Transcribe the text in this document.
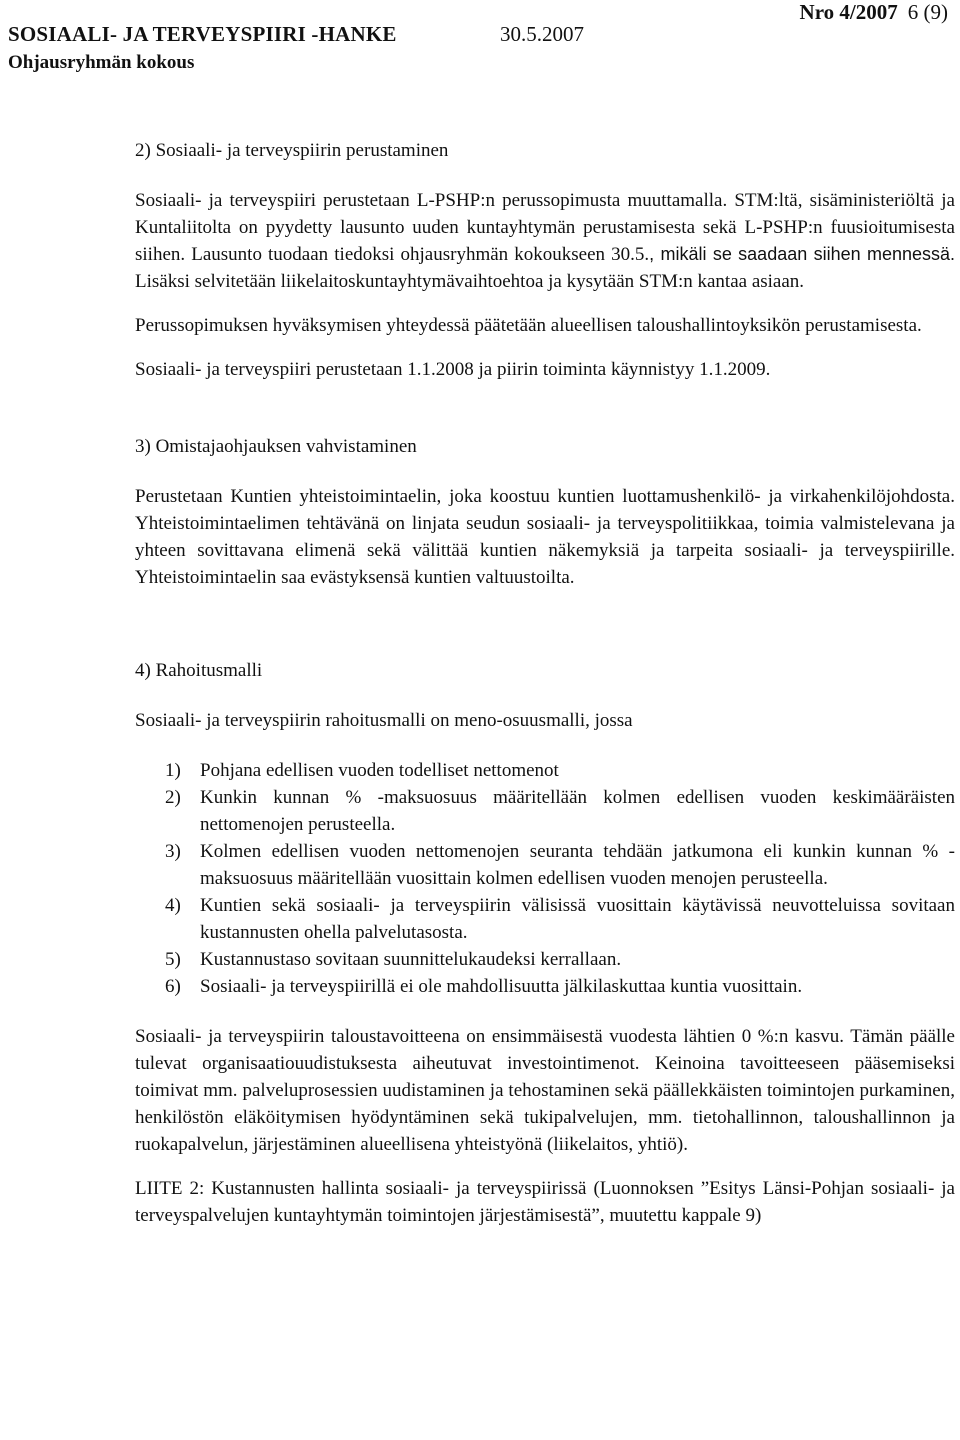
SOSIAALI- JA TERVEYSPIIRI -HANKE	30.5.2007
Nro 4/2007 6 (9)
Ohjausryhmän kokous

2) Sosiaali- ja terveyspiirin perustaminen

Sosiaali- ja terveyspiiri perustetaan L-PSHP:n perussopimusta muuttamalla. STM:ltä, sisäministeriöltä ja Kuntaliitolta on pyydetty lausunto uuden kuntayhtymän perustamisesta sekä L-PSHP:n fuusioitumisesta siihen. Lausunto tuodaan tiedoksi ohjausryhmän kokoukseen 30.5., mikäli se saadaan siihen mennessä. Lisäksi selvitetään liikelaitoskuntayhtymävaihtoehtoa ja kysytään STM:n kantaa asiaan.

Perussopimuksen hyväksymisen yhteydessä päätetään alueellisen taloushallintoyksikön perustamisesta.

Sosiaali- ja terveyspiiri perustetaan 1.1.2008 ja piirin toiminta käynnistyy 1.1.2009.

3) Omistajaohjauksen vahvistaminen

Perustetaan Kuntien yhteistoimintaelin, joka koostuu kuntien luottamushenkilö- ja virkahenkilöjohdosta. Yhteistoimintaelimen tehtävänä on linjata seudun sosiaali- ja terveyspolitiikkaa, toimia valmistelevana ja yhteen sovittavana elimenä sekä välittää kuntien näkemyksiä ja tarpeita sosiaali- ja terveyspiirille. Yhteistoimintaelin saa evästyksensä kuntien valtuustoilta.

4) Rahoitusmalli

Sosiaali- ja terveyspiirin rahoitusmalli on meno-osuusmalli, jossa

1) Pohjana edellisen vuoden todelliset nettomenot
2) Kunkin kunnan % -maksuosuus määritellään kolmen edellisen vuoden keskimääräisten nettomenojen perusteella.
3) Kolmen edellisen vuoden nettomenojen seuranta tehdään jatkumona eli kunkin kunnan % -maksuosuus määritellään vuosittain kolmen edellisen vuoden menojen perusteella.
4) Kuntien sekä sosiaali- ja terveyspiirin välisissä vuosittain käytävissä neuvotteluissa sovitaan kustannusten ohella palvelutasosta.
5) Kustannustaso sovitaan suunnittelukaudeksi kerrallaan.
6) Sosiaali- ja terveyspiirillä ei ole mahdollisuutta jälkilaskuttaa kuntia vuosittain.

Sosiaali- ja terveyspiirin taloustavoitteena on ensimmäisestä vuodesta lähtien 0 %:n kasvu. Tämän päälle tulevat organisaatiouudistuksesta aiheutuvat investointimenot. Keinoina tavoitteeseen pääsemiseksi toimivat mm. palveluprosessien uudistaminen ja tehostaminen sekä päällekkäisten toimintojen purkaminen, henkilöstön eläköitymisen hyödyntäminen sekä tukipalvelujen, mm. tietohallinnon, taloushallinnon ja ruokapalvelun, järjestäminen alueellisena yhteistyönä (liikelaitos, yhtiö).

LIITE 2: Kustannusten hallinta sosiaali- ja terveyspiirissä (Luonnoksen ”Esitys Länsi-Pohjan sosiaali- ja terveyspalvelujen kuntayhtymän toimintojen järjestämisestä”, muutettu kappale 9)
